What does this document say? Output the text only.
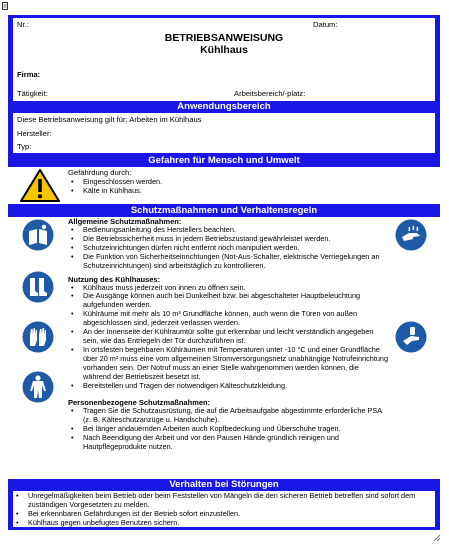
Nr.:	Datum:
BETRIEBSANWEISUNG
Kühlhaus
Firma:
Tätigkeit:	Arbeitsbereich/-platz:
Anwendungsbereich
Diese Betriebsanweisung gilt für: Arbeiten im Kühlhaus
Hersteller:
Typ:
Gefahren für Mensch und Umwelt
Gefährdung durch:
• Eingeschlossen werden.
• Kälte in Kühlhaus.
Schutzmaßnahmen und Verhaltensregeln
Allgemeine Schutzmaßnahmen:
• Bedienungsanleitung des Herstellers beachten.
• Die Betriebssicherheit muss in jedem Betriebszustand gewährleistet werden.
• Schutzeinrichtungen dürfen nicht entfernt noch manipuliert werden.
• Die Funktion von Sicherheitseinrichtungen (Not-Aus-Schalter, elektrische Verriegelungen an Schutzeinrichtungen) sind arbeitstäglich zu kontrollieren.
Nutzung des Kühlhauses:
• Kühlhaus muss jederzeit von innen zu öffnen sein.
• Die Ausgänge können auch bei Dunkelheit bzw. bei abgeschalteter Hauptbeleuchtung aufgefunden werden.
• Kühlräume mit mehr als 10 m³ Grundfläche können, auch wenn die Türen von außen abgeschlossen sind, jederzeit verlassen werden.
• An der Innenseite der Kühlraumtür sollte gut erkennbar und leicht verständlich angegeben sein, wie das Entriegeln der Tür durchzuführen ist.
• In ortsfesten begehbaren Kühlräumen mit Temperaturen unter -10 °C und einer Grundfläche über 20 m² muss eine vom allgemeinen Stromversorgungsnetz unabhängige Notrufeinrichtung vorhanden sein. Der Notruf muss an einer Stelle wahrgenommen werden können, die während der Betriebszeit besetzt ist.
• Bereitstellen und Tragen der notwendigen Kälteschutzkleidung.
Personenbezogene Schutzmaßnahmen:
• Tragen Sie die Schutzausrüstung, die auf die Arbeitsaufgabe abgestimmte erforderliche PSA (z. B. Kälteschutzanzüge u. Handschuhe).
• Bei länger andauernden Arbeiten auch Kopfbedeckung und Überschuhe tragen.
• Nach Beendigung der Arbeit und vor den Pausen Hände gründlich reinigen und Hautpflegeprodukte nutzen.
Verhalten bei Störungen
• Unregelmäßigkeiten beim Betrieb oder beim Feststellen von Mängeln die den sicheren Betrieb betreffen sind sofort dem zuständigen Vorgesetzten zu melden.
• Bei erkennbaren Gefährdungen ist der Betrieb sofort einzustellen.
• Kühlhaus gegen unbefugtes Benutzen sichern.
